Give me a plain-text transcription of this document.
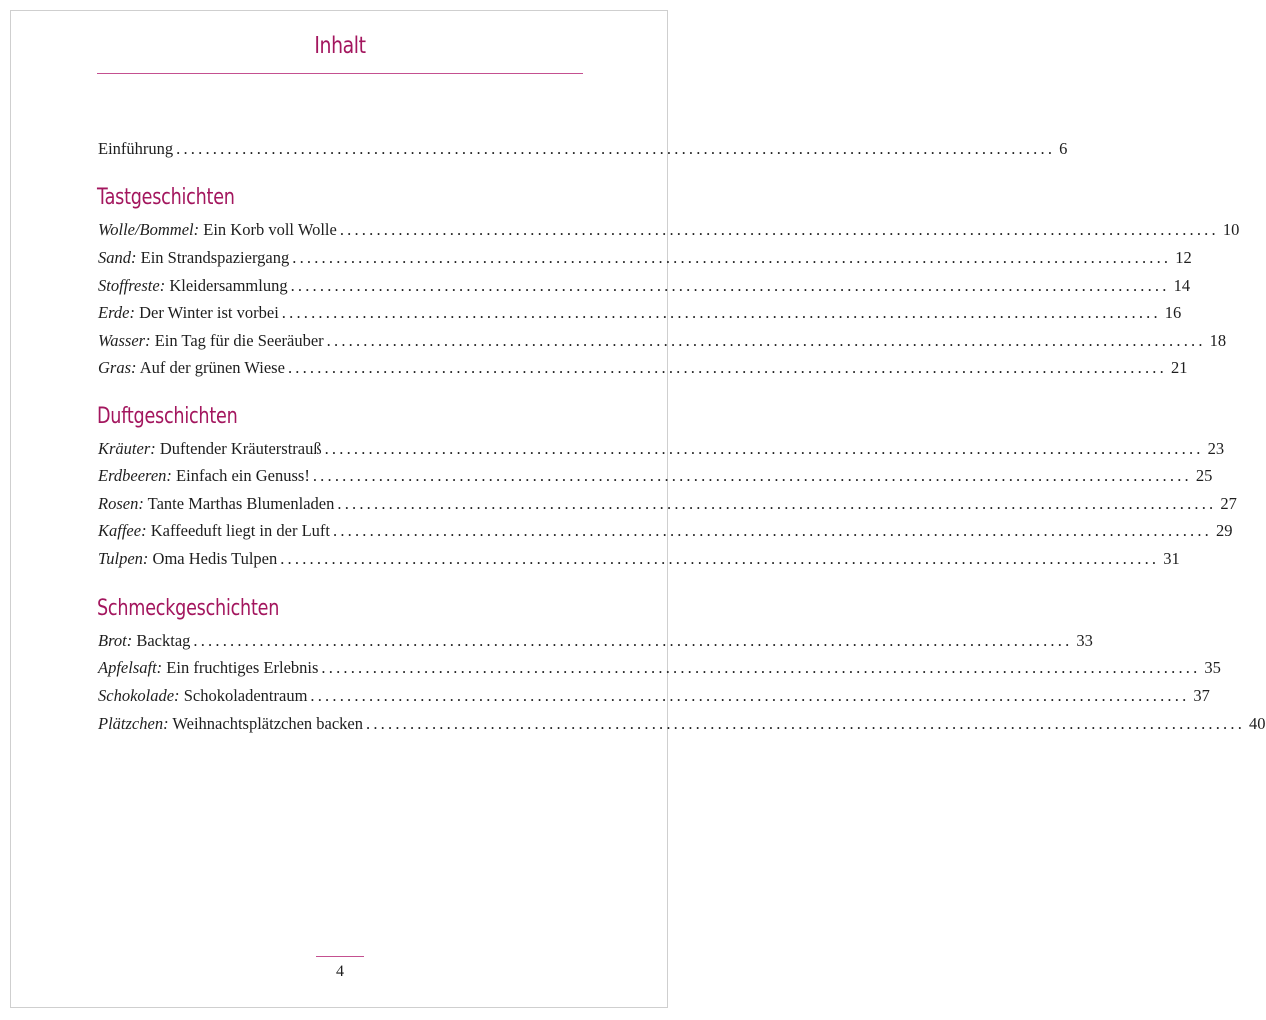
Inhalt
Einführung ........................................................................................................................ 6
Tastgeschichten
Wolle/Bommel: Ein Korb voll Wolle ........................................................................................................................ 10
Sand: Ein Strandspaziergang ........................................................................................................................ 12
Stoffreste: Kleidersammlung ........................................................................................................................ 14
Erde: Der Winter ist vorbei ........................................................................................................................ 16
Wasser: Ein Tag für die Seeräuber ........................................................................................................................ 18
Gras: Auf der grünen Wiese ........................................................................................................................ 21
Duftgeschichten
Kräuter: Duftender Kräuterstrauß ........................................................................................................................ 23
Erdbeeren: Einfach ein Genuss! ........................................................................................................................ 25
Rosen: Tante Marthas Blumenladen ........................................................................................................................ 27
Kaffee: Kaffeeduft liegt in der Luft ........................................................................................................................ 29
Tulpen: Oma Hedis Tulpen ........................................................................................................................ 31
Schmeckgeschichten
Brot: Backtag ........................................................................................................................ 33
Apfelsaft: Ein fruchtiges Erlebnis ........................................................................................................................ 35
Schokolade: Schokoladentraum ........................................................................................................................ 37
Plätzchen: Weihnachtsplätzchen backen ........................................................................................................................ 40
4
